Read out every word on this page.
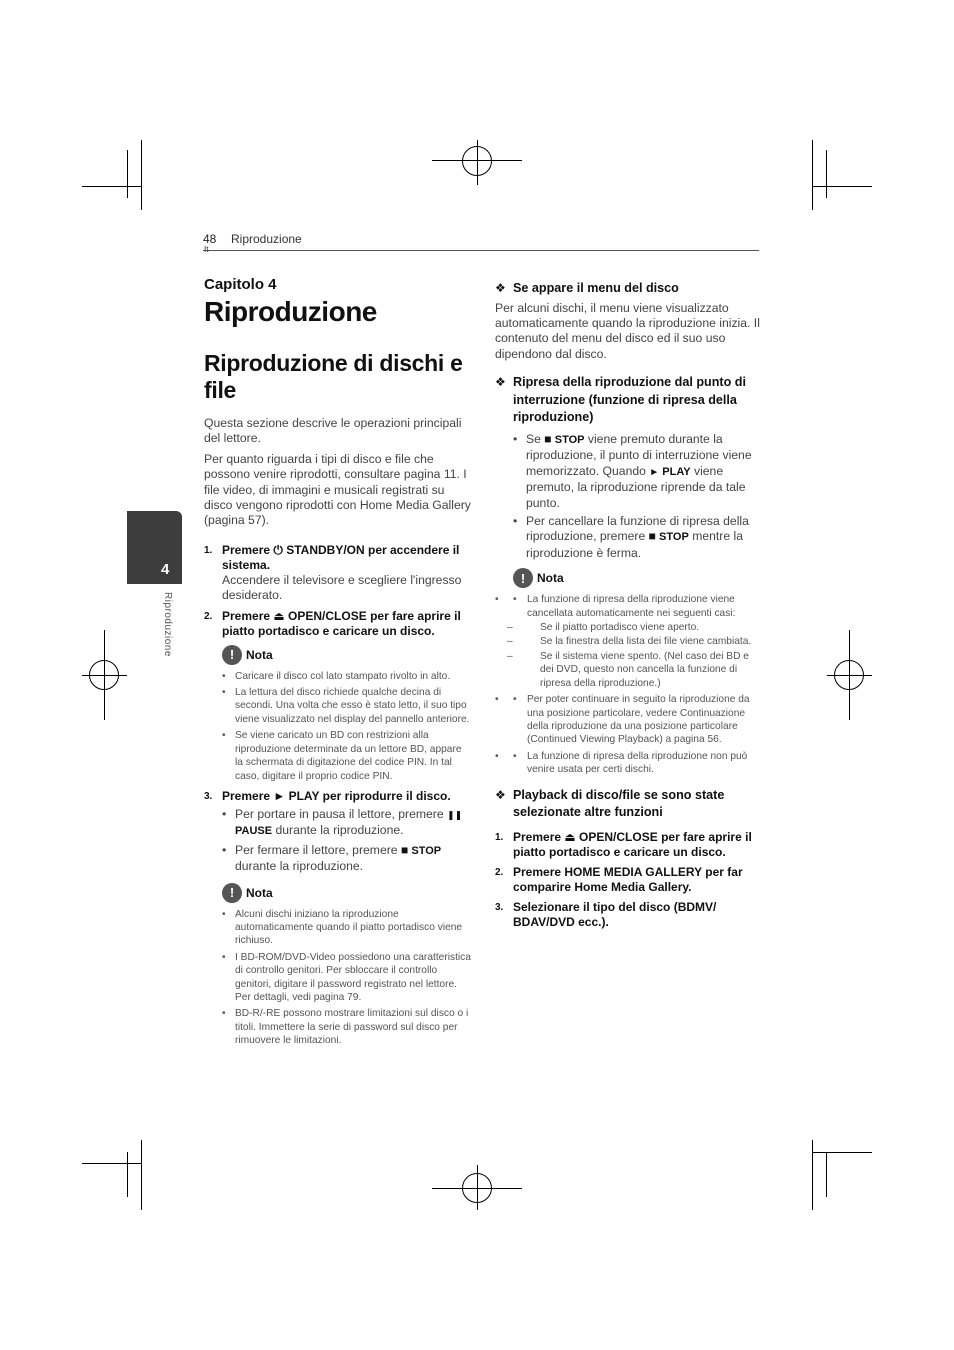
48 Riproduzione
4
Riproduzione
Capitolo 4
Riproduzione
Riproduzione di dischi e
file

Questa sezione descrive le operazioni principali del lettore.

Per quanto riguarda i tipi di disco e file che possono venire riprodotti, consultare pagina 11. I file video, di immagini e musicali registrati su disco vengono riprodotti con Home Media Gallery (pagina 57).

1. Premere ⏻ STANDBY/ON per accendere il sistema.
Accendere il televisore e scegliere l'ingresso desiderato.
2. Premere ⏏ OPEN/CLOSE per fare aprire il piatto portadisco e caricare un disco.
! Nota
• Caricare il disco col lato stampato rivolto in alto.
• La lettura del disco richiede qualche decina di secondi. Una volta che esso è stato letto, il suo tipo viene visualizzato nel display del pannello anteriore.
• Se viene caricato un BD con restrizioni alla riproduzione determinate da un lettore BD, appare la schermata di digitazione del codice PIN. In tal caso, digitare il proprio codice PIN.
3. Premere ► PLAY per riprodurre il disco.
• Per portare in pausa il lettore, premere ❚❚ PAUSE durante la riproduzione.
• Per fermare il lettore, premere ■ STOP durante la riproduzione.
! Nota
• Alcuni dischi iniziano la riproduzione automaticamente quando il piatto portadisco viene richiuso.
• I BD-ROM/DVD-Video possiedono una caratteristica di controllo genitori. Per sbloccare il controllo genitori, digitare il password registrato nel lettore. Per dettagli, vedi pagina 79.
• BD-R/-RE possono mostrare limitazioni sul disco o i titoli. Immettere la serie di password sul disco per rimuovere le limitazioni.
❖ Se appare il menu del disco

Per alcuni dischi, il menu viene visualizzato automaticamente quando la riproduzione inizia. Il contenuto del menu del disco ed il suo uso dipendono dal disco.

❖ Ripresa della riproduzione dal punto di interruzione (funzione di ripresa della riproduzione)
• Se ■ STOP viene premuto durante la riproduzione, il punto di interruzione viene memorizzato. Quando ► PLAY viene premuto, la riproduzione riprende da tale punto.
• Per cancellare la funzione di ripresa della riproduzione, premere ■ STOP mentre la riproduzione è ferma.
! Nota
• • La funzione di ripresa della riproduzione viene cancellata automaticamente nei seguenti casi:
– Se il piatto portadisco viene aperto.
– Se la finestra della lista dei file viene cambiata.
– Se il sistema viene spento. (Nel caso dei BD e dei DVD, questo non cancella la funzione di ripresa della riproduzione.)
• • Per poter continuare in seguito la riproduzione da una posizione particolare, vedere Continuazione della riproduzione da una posizione particolare (Continued Viewing Playback) a pagina 56.
• • La funzione di ripresa della riproduzione non può venire usata per certi dischi.
❖ Playback di disco/file se sono state selezionate altre funzioni
1. Premere ⏏ OPEN/CLOSE per fare aprire il piatto portadisco e caricare un disco.
2. Premere HOME MEDIA GALLERY per far comparire Home Media Gallery.
3. Selezionare il tipo del disco (BDMV/ BDAV/DVD ecc.).
